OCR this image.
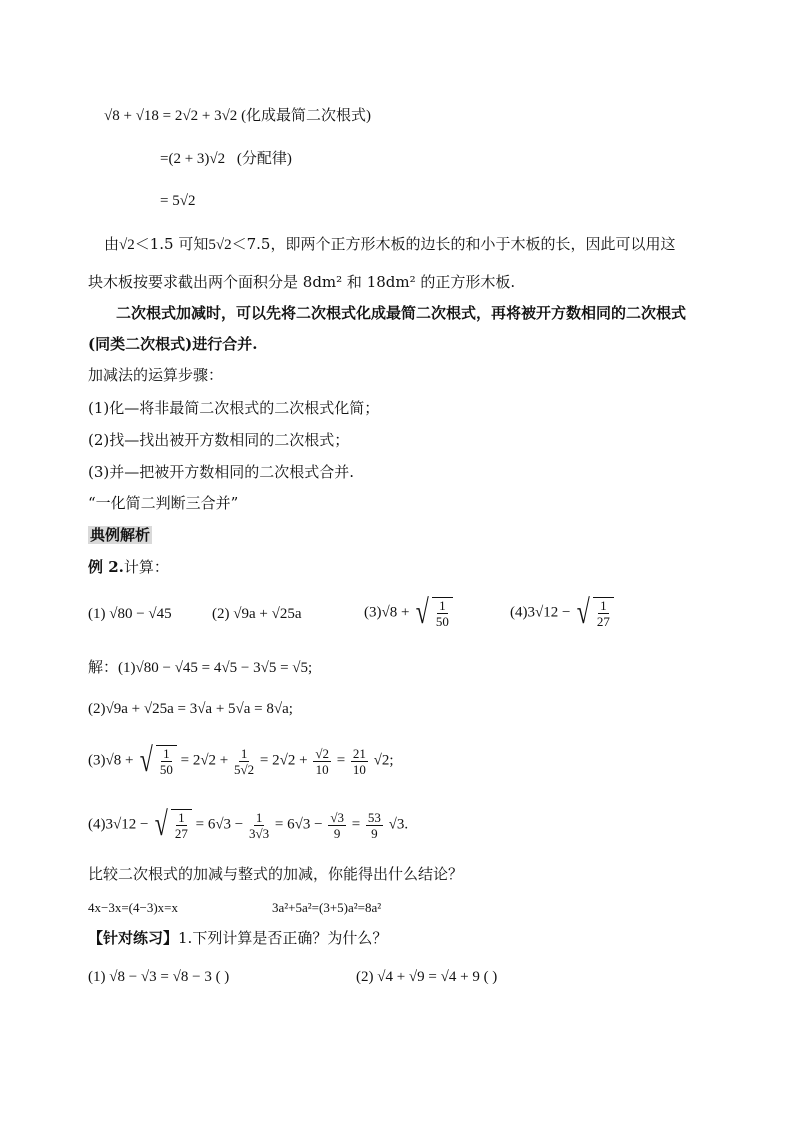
√8 + √18 = 2√2 + 3√2 (化成最简二次根式)
=(2 + 3)√2 (分配律)
= 5√2
由√2＜1.5 可知5√2＜7.5，即两个正方形木板的边长的和小于木板的长，因此可以用这
块木板按要求截出两个面积分是 8dm² 和 18dm² 的正方形木板.
二次根式加减时，可以先将二次根式化成最简二次根式，再将被开方数相同的二次根式
(同类二次根式)进行合并.
加减法的运算步骤：
(1)化—将非最简二次根式的二次根式化简；
(2)找—找出被开方数相同的二次根式；
(3)并—把被开方数相同的二次根式合并.
“一化简二判断三合并”
典例解析
例 2.计算：
(1) √80 − √45	(2) √9a + √25a	(3)√8 + √ $\frac{1}{50}$	(4)3√12 − √ $\frac{1}{27}$
解：(1)√80 − √45 = 4√5 − 3√5 = √5;
(2)√9a + √25a = 3√a + 5√a = 8√a;
(3)√8 + √ $\frac{1}{50} = 2√2 + \frac{1}{5√2} = 2√2 + \frac{√2}{10} = \frac{21}{10} √2$;
(4)3√12 − √ $\frac{1}{27} = 6√3 - \frac{1}{3√3} = 6√3 - \frac{√3}{9} = \frac{53}{9} √3$.
比较二次根式的加减与整式的加减，你能得出什么结论？
4x−3x=(4−3)x=x	3a²+5a²=(3+5)a²=8a²
【针对练习】1.下列计算是否正确？为什么？
(1) √8 − √3 = √8 − 3 ( )	(2) √4 + √9 = √4 + 9 ( )
